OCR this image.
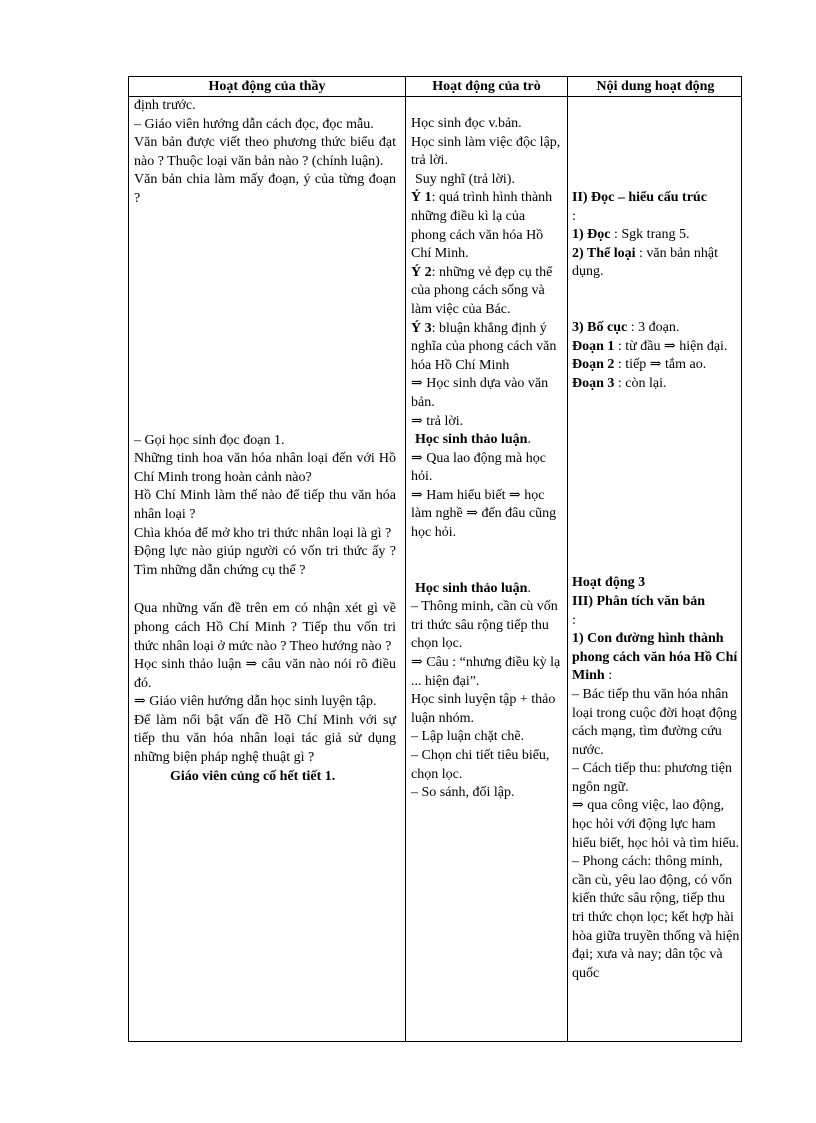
Hoạt động của thầy	Hoạt động của trò	Nội dung hoạt động

định trước.

– Giáo viên hướng dẫn cách đọc, đọc mẫu.

Văn bản được viết theo phương thức biểu đạt nào ? Thuộc loại văn bản nào ? (chính luận).

Văn bản chia làm mấy đoạn, ý của từng đoạn ?

– Gọi học sinh đọc đoạn 1.

Những tinh hoa văn hóa nhân loại đến với Hồ Chí Minh trong hoàn cảnh nào?

Hồ Chí Minh làm thế nào để tiếp thu văn hóa nhân loại ?

Chìa khóa để mở kho tri thức nhân loại là gì ?

Động lực nào giúp người có vốn tri thức ấy ? Tìm những dẫn chứng cụ thể ?

Qua những vấn đề trên em có nhận xét gì về phong cách Hồ Chí Minh ? Tiếp thu vốn tri thức nhân loại ở mức nào ? Theo hướng nào ?

Học sinh thảo luận ⇒ câu văn nào nói rõ điều đó.

⇒ Giáo viên hướng dẫn học sinh luyện tập.

Để làm nổi bật vấn đề Hồ Chí Minh với sự tiếp thu văn hóa nhân loại tác giả sử dụng những biện pháp nghệ thuật gì ?

Giáo viên củng cố hết tiết 1.

Học sinh đọc v.bản.

Học sinh làm việc độc lập, trả lời.

Suy nghĩ (trả lời).

Ý 1: quá trình hình thành những điều kì lạ của phong cách văn hóa Hồ Chí Minh.

Ý 2: những vẻ đẹp cụ thể của phong cách sống và làm việc của Bác.

Ý 3: bluận khẳng định ý nghĩa của phong cách văn hóa Hồ Chí Minh

⇒ Học sinh dựa vào văn bản.

⇒ trả lời.

Học sinh thảo luận.

⇒ Qua lao động mà học hỏi.

⇒ Ham hiểu biết ⇒ học làm nghề ⇒ đến đâu cũng học hỏi.

Học sinh thảo luận.

– Thông minh, cần cù vốn tri thức sâu rộng tiếp thu chọn lọc.

⇒ Câu : “nhưng điều kỳ lạ ... hiện đại”.

Học sinh luyện tập + thảo luận nhóm.

– Lập luận chặt chẽ.

– Chọn chi tiết tiêu biểu, chọn lọc.

– So sánh, đối lập.

II) Đọc – hiểu cấu trúc

:

1) Đọc : Sgk trang 5.

2) Thể loại : văn bản nhật dụng.

3) Bố cục : 3 đoạn.

Đoạn 1 : từ đầu ⇒ hiện đại.

Đoạn 2 : tiếp ⇒ tắm ao.

Đoạn 3 : còn lại.

Hoạt động 3

III) Phân tích văn bản

:

1) Con đường hình thành phong cách văn hóa Hồ Chí Minh :

– Bác tiếp thu văn hóa nhân loại trong cuộc đời hoạt động cách mạng, tìm đường cứu nước.

– Cách tiếp thu: phương tiện ngôn ngữ.

⇒ qua công việc, lao động, học hỏi với động lực ham hiểu biết, học hỏi và tìm hiểu.

– Phong cách: thông minh, cần cù, yêu lao động, có vốn kiến thức sâu rộng, tiếp thu tri thức chọn lọc; kết hợp hài hòa giữa truyền thống và hiện đại; xưa và nay; dân tộc và quốc
